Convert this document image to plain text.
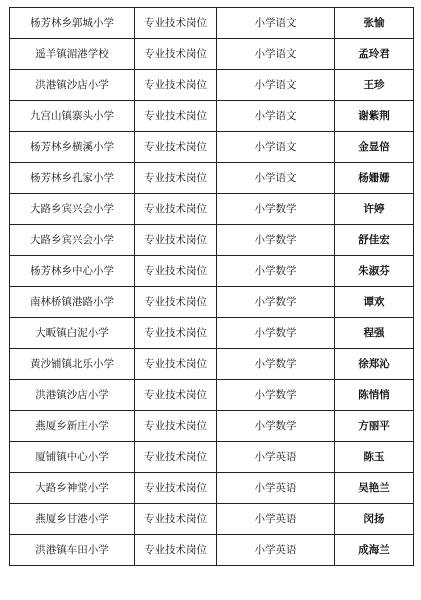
杨芳林乡郭城小学	专业技术岗位	小学语文	张愉
遥羊镇湄港学校	专业技术岗位	小学语文	孟玲君
洪港镇沙店小学	专业技术岗位	小学语文	王珍
九宫山镇寨头小学	专业技术岗位	小学语文	谢紫荆
杨芳林乡横溪小学	专业技术岗位	小学语文	金显倍
杨芳林乡孔家小学	专业技术岗位	小学语文	杨姗姗
大路乡宾兴会小学	专业技术岗位	小学数学	许婷
大路乡宾兴会小学	专业技术岗位	小学数学	舒佳宏
杨芳林乡中心小学	专业技术岗位	小学数学	朱淑芬
南林桥镇港路小学	专业技术岗位	小学数学	谭欢
大畈镇白泥小学	专业技术岗位	小学数学	程强
黄沙铺镇北乐小学	专业技术岗位	小学数学	徐郑沁
洪港镇沙店小学	专业技术岗位	小学数学	陈悄悄
燕厦乡新庄小学	专业技术岗位	小学数学	方丽平
厦铺镇中心小学	专业技术岗位	小学英语	陈玉
大路乡神堂小学	专业技术岗位	小学英语	吴艳兰
燕厦乡甘港小学	专业技术岗位	小学英语	闵扬
洪港镇车田小学	专业技术岗位	小学英语	成海兰
